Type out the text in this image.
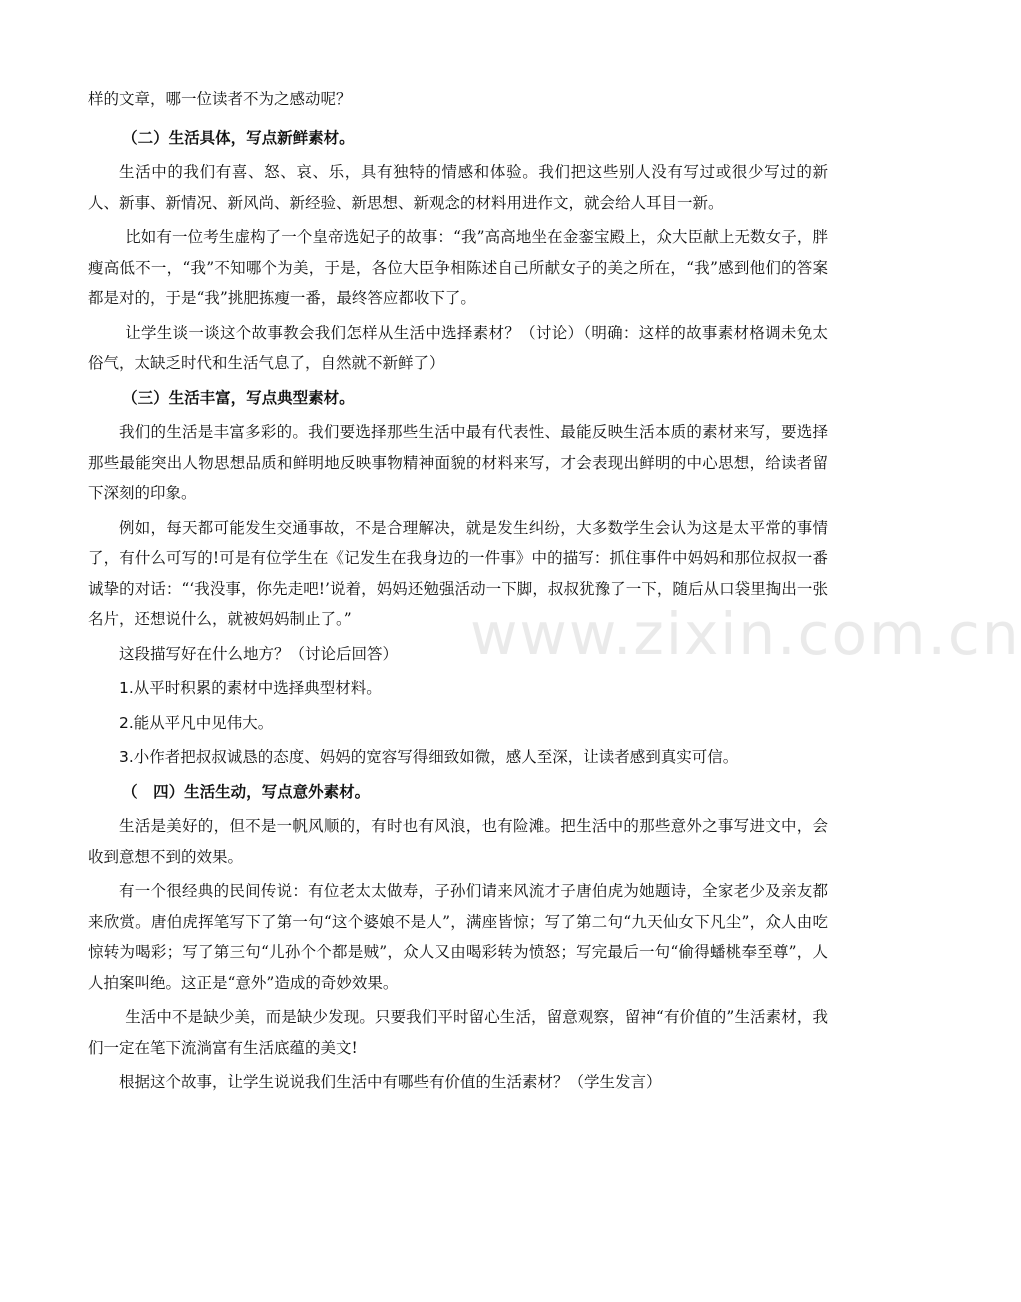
样的文章，哪一位读者不为之感动呢？

（二）生活具体，写点新鲜素材。

生活中的我们有喜、怒、哀、乐，具有独特的情感和体验。我们把这些别人没有写过或很少写过的新人、新事、新情况、新风尚、新经验、新思想、新观念的材料用进作文，就会给人耳目一新。

比如有一位考生虚构了一个皇帝选妃子的故事：“我”高高地坐在金銮宝殿上，众大臣献上无数女子，胖瘦高低不一，“我”不知哪个为美，于是，各位大臣争相陈述自己所献女子的美之所在，“我”感到他们的答案都是对的，于是“我”挑肥拣瘦一番，最终答应都收下了。

让学生谈一谈这个故事教会我们怎样从生活中选择素材？（讨论）（明确：这样的故事素材格调未免太俗气，太缺乏时代和生活气息了，自然就不新鲜了）

（三）生活丰富，写点典型素材。

我们的生活是丰富多彩的。我们要选择那些生活中最有代表性、最能反映生活本质的素材来写，要选择那些最能突出人物思想品质和鲜明地反映事物精神面貌的材料来写，才会表现出鲜明的中心思想，给读者留下深刻的印象。

例如，每天都可能发生交通事故，不是合理解决，就是发生纠纷，大多数学生会认为这是太平常的事情了，有什么可写的!可是有位学生在《记发生在我身边的一件事》中的描写：抓住事件中妈妈和那位叔叔一番诚挚的对话：“‘我没事，你先走吧!’说着，妈妈还勉强活动一下脚，叔叔犹豫了一下，随后从口袋里掏出一张名片，还想说什么，就被妈妈制止了。”

这段描写好在什么地方？（讨论后回答）

1.从平时积累的素材中选择典型材料。
2.能从平凡中见伟大。
3.小作者把叔叔诚恳的态度、妈妈的宽容写得细致如微，感人至深，让读者感到真实可信。
（　四）生活生动，写点意外素材。

生活是美好的，但不是一帆风顺的，有时也有风浪，也有险滩。把生活中的那些意外之事写进文中，会收到意想不到的效果。

有一个很经典的民间传说：有位老太太做寿，子孙们请来风流才子唐伯虎为她题诗，全家老少及亲友都来欣赏。唐伯虎挥笔写下了第一句“这个婆娘不是人”，满座皆惊；写了第二句“九天仙女下凡尘”，众人由吃惊转为喝彩；写了第三句“儿孙个个都是贼”，众人又由喝彩转为愤怒；写完最后一句“偷得蟠桃奉至尊”，人人拍案叫绝。这正是“意外”造成的奇妙效果。

生活中不是缺少美，而是缺少发现。只要我们平时留心生活，留意观察，留神“有价值的”生活素材，我们一定在笔下流淌富有生活底蕴的美文!

根据这个故事，让学生说说我们生活中有哪些有价值的生活素材？（学生发言）

www.zixin.com.cn
